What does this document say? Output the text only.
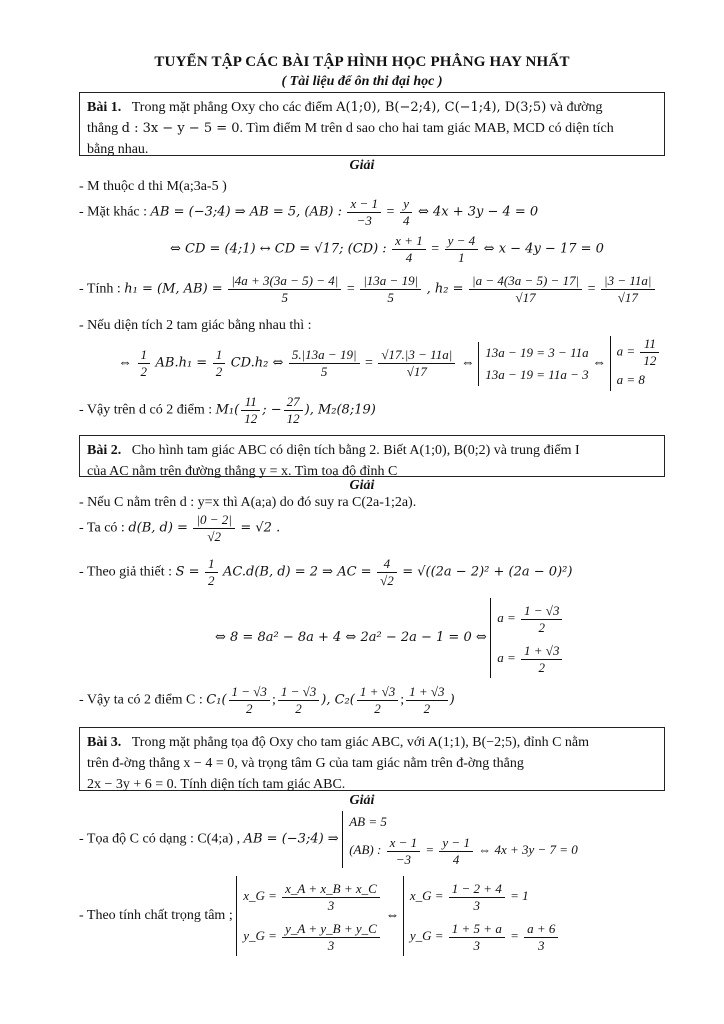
TUYỂN TẬP CÁC BÀI TẬP HÌNH HỌC PHẲNG HAY NHẤT
( Tài liệu để ôn thi đại học )
Bài 1. Trong mặt phẳng Oxy cho các điểm A(1;0), B(−2;4), C(−1;4), D(3;5) và đường
thẳng d : 3x − y − 5 = 0. Tìm điểm M trên d sao cho hai tam giác MAB, MCD có diện tích
bằng nhau.
Giải
- M thuộc d thi M(a;3a-5 )
- Mặt khác : AB = (−3;4) ⇒ AB = 5, (AB) : $\frac{x - 1}{-3} = \frac{y}{4}$ ⇔ 4x + 3y − 4 = 0
⇔ CD = (4;1) ↔ CD = √17; (CD) : $\frac{x + 1}{4} = \frac{y - 4}{1}$ ⇔ x − 4y − 17 = 0
- Tính : h₁ = (M, $AB) = \frac{|4a + 3(3a - 5) - 4|}{5} = \frac{|13a - 19|}{5}$ , $h_2 = \frac{|a - 4(3a - 5) - 17|}{√17} = \frac{|3 - 11a|}{√17}$
- Nếu diện tích 2 tam giác bằng nhau thì :
⇔ $\frac{1}{2} AB.h_1 = \frac{1}{2} CD.h_2$ ⇔ $\frac{5.|13a - 19|}{5} = \frac{√17.|3 - 11a|}{√17}$ ⇔
13a − 19 = 3 − 11a
13a − 19 = 11a − 3
⇔
$a = \frac{11}{12}$
a = 8
- Vậy trên d có 2 điểm : $M_1( \frac{11}{12}$ ; − $\frac{27}{12}$ ), M₂(8;19)
Bài 2. Cho hình tam giác ABC có diện tích bằng 2. Biết A(1;0), B(0;2) và trung điểm I
của AC nằm trên đường thẳng y = x. Tìm toạ độ đỉnh C
Giải
- Nếu C nằm trên d : y=x thì A(a;a) do đó suy ra C(2a-1;2a).
- Ta có : d(B, $d) = \frac{|0 - 2|}{√2} = √2$ .
- Theo giả thiết : $S = \frac{1}{2} AC.d(B$, d) = 2 ⇒ AC = $\frac{4}{√2} = √((2a - 2)^2 + (2a - 0)^2)$
⇔ 8 = 8a² − 8a + 4 ⇔ 2a² − 2a − 1 = 0 ⇔
$a = \frac{1 - √3}{2}$
$a = \frac{1 + √3}{2}$
- Vậy ta có 2 điểm C : $C_1( \frac{1 - √3}{2}$ ; $\frac{1 - √3}{2}$ ), $C_2( \frac{1 + √3}{2}$ ; $\frac{1 + √3}{2}$ )
Bài 3. Trong mặt phẳng tọa độ Oxy cho tam giác ABC, với A(1;1), B(−2;5), đỉnh C nằm
trên đ-ờng thẳng x − 4 = 0, và trọng tâm G của tam giác nằm trên đ-ờng thẳng
2x − 3y + 6 = 0. Tính diện tích tam giác ABC.
Giải
- Tọa độ C có dạng : C(4;a) , AB = (−3;4) ⇒
AB = 5
(AB) : $\frac{x - 1}{-3} = \frac{y - 1}{4}$ ⇔ 4x + 3y − 7 = 0
- Theo tính chất trọng tâm ;
x_G = $\frac{x\_A + x\_B + x\_C}{3}$
y_G = $\frac{y\_A + y\_B + y\_C}{3}$
⇔
x_G = $\frac{1 - 2 + 4}{3} = 1$
y_G = $\frac{1 + 5 + a}{3} = \frac{a + 6}{3}$
